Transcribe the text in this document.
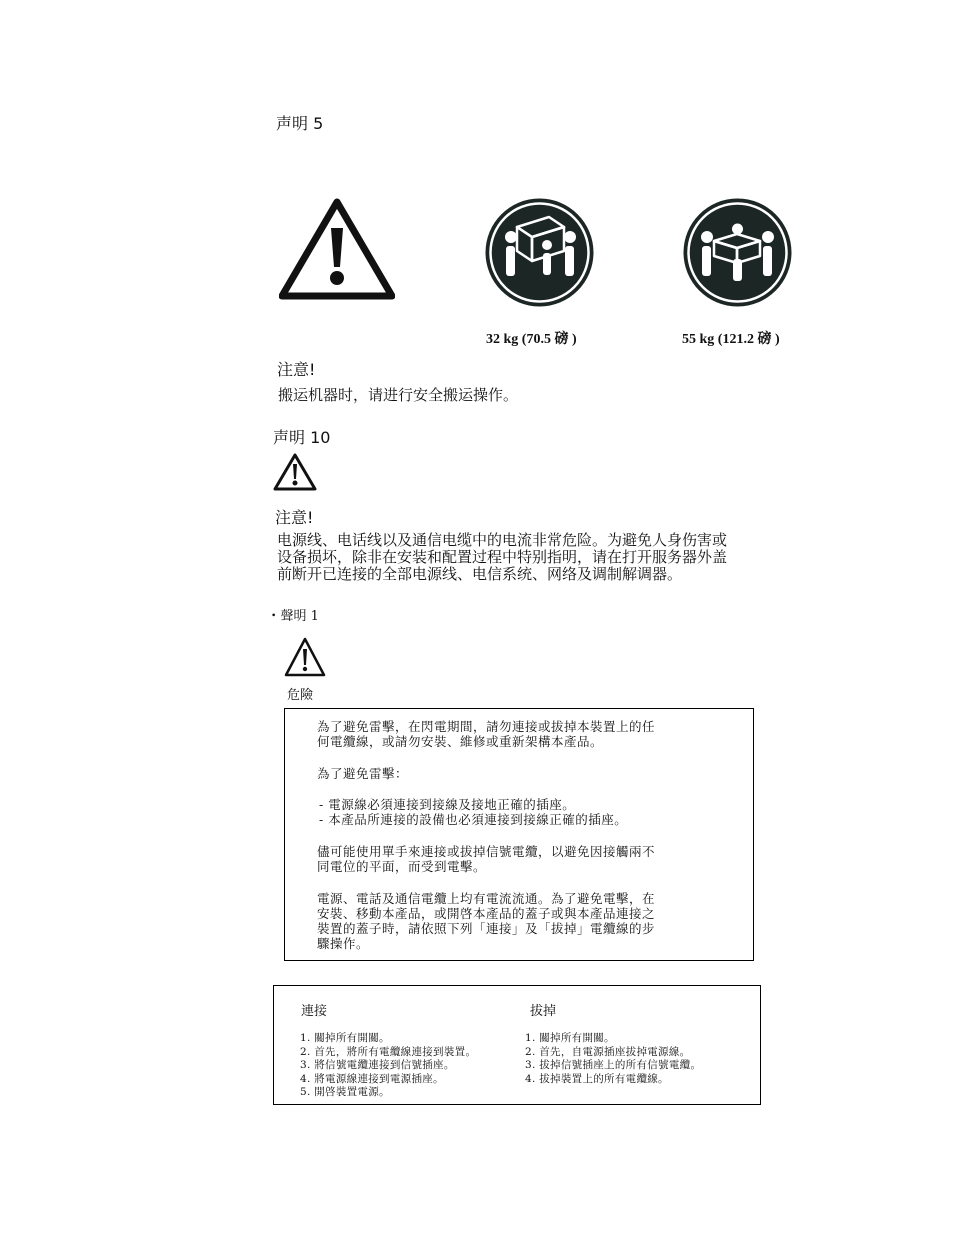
声明 5
32 kg (70.5 磅 )	55 kg (121.2 磅 )
注意!
搬运机器时，请进行安全搬运操作。
声明 10
注意!
电源线、电话线以及通信电缆中的电流非常危险。为避免人身伤害或
设备损坏，除非在安装和配置过程中特别指明，请在打开服务器外盖
前断开已连接的全部电源线、电信系统、网络及调制解调器。
• 聲明 1
危險

為了避免雷擊，在閃電期間，請勿連接或拔掉本裝置上的任

何電纜線，或請勿安裝、維修或重新架構本產品。

為了避免雷擊：

- 電源線必須連接到接線及接地正確的插座。

- 本產品所連接的設備也必須連接到接線正確的插座。

儘可能使用單手來連接或拔掉信號電纜，以避免因接觸兩不

同電位的平面，而受到電擊。

電源、電話及通信電纜上均有電流流通。為了避免電擊，在

安裝、移動本產品，或開啓本產品的蓋子或與本產品連接之

裝置的蓋子時，請依照下列「連接」及「拔掉」電纜線的步

驟操作。

連接
1. 關掉所有開關。
2. 首先，將所有電纜線連接到裝置。
3. 將信號電纜連接到信號插座。
4. 將電源線連接到電源插座。
5. 開啓裝置電源。
拔掉
1. 關掉所有開關。
2. 首先，自電源插座拔掉電源線。
3. 拔掉信號插座上的所有信號電纜。
4. 拔掉裝置上的所有電纜線。
